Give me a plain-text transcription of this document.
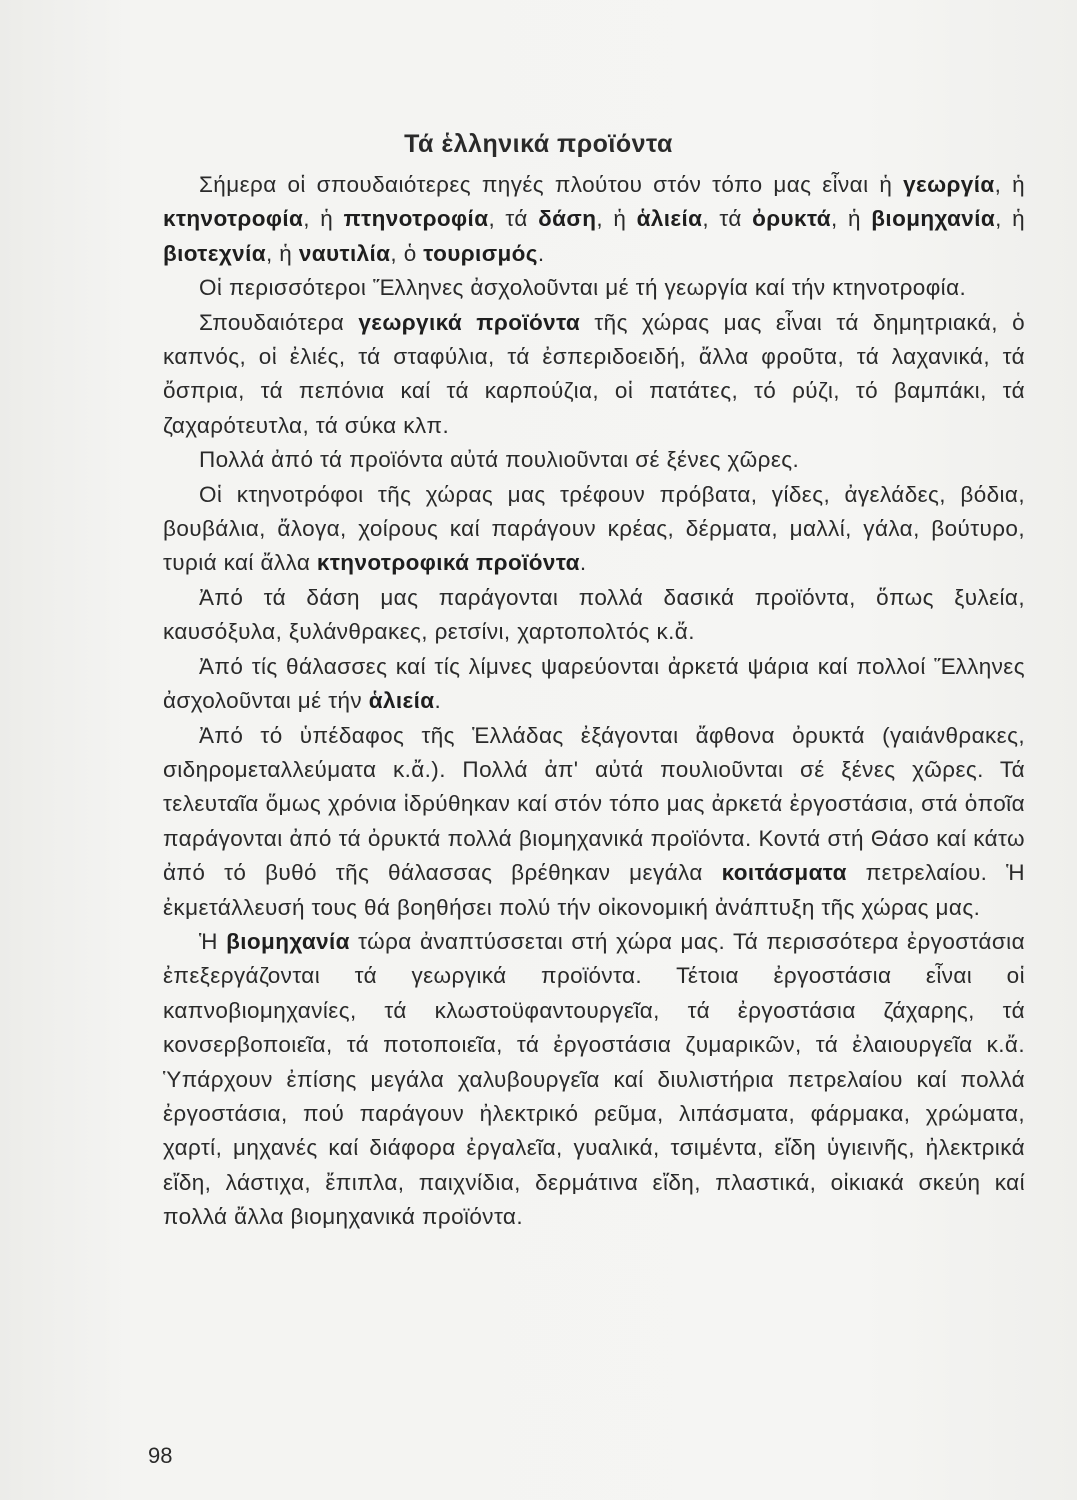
Τά ἑλληνικά προϊόντα

Σήμερα οἱ σπουδαιότερες πηγές πλούτου στόν τόπο μας εἶναι ἡ γεωργία, ἡ κτηνοτροφία, ἡ πτηνοτροφία, τά δάση, ἡ ἁλιεία, τά ὀρυκτά, ἡ βιομηχανία, ἡ βιοτεχνία, ἡ ναυτιλία, ὁ τουρισμός.

Οἱ περισσότεροι Ἕλληνες ἀσχολοῦνται μέ τή γεωργία καί τήν κτηνοτροφία.

Σπουδαιότερα γεωργικά προϊόντα τῆς χώρας μας εἶναι τά δημητριακά, ὁ καπνός, οἱ ἐλιές, τά σταφύλια, τά ἐσπεριδοειδή, ἄλλα φροῦτα, τά λαχανικά, τά ὄσπρια, τά πεπόνια καί τά καρπούζια, οἱ πατάτες, τό ρύζι, τό βαμπάκι, τά ζαχαρότευτλα, τά σύκα κλπ.

Πολλά ἀπό τά προϊόντα αὐτά πουλιοῦνται σέ ξένες χῶρες.

Οἱ κτηνοτρόφοι τῆς χώρας μας τρέφουν πρόβατα, γίδες, ἀγελάδες, βόδια, βουβάλια, ἄλογα, χοίρους καί παράγουν κρέας, δέρματα, μαλλί, γάλα, βούτυρο, τυριά καί ἄλλα κτηνοτροφικά προϊόντα.

Ἀπό τά δάση μας παράγονται πολλά δασικά προϊόντα, ὅπως ξυλεία, καυσόξυλα, ξυλάνθρακες, ρετσίνι, χαρτοπολτός κ.ἄ.

Ἀπό τίς θάλασσες καί τίς λίμνες ψαρεύονται ἀρκετά ψάρια καί πολλοί Ἕλληνες ἀσχολοῦνται μέ τήν ἁλιεία.

Ἀπό τό ὑπέδαφος τῆς Ἑλλάδας ἐξάγονται ἄφθονα ὀρυκτά (γαιάνθρακες, σιδηρομεταλλεύματα κ.ἄ.). Πολλά ἀπ' αὐτά πουλιοῦνται σέ ξένες χῶρες. Τά τελευταῖα ὅμως χρόνια ἱδρύθηκαν καί στόν τόπο μας ἀρκετά ἐργοστάσια, στά ὁποῖα παράγονται ἀπό τά ὀρυκτά πολλά βιομηχανικά προϊόντα. Κοντά στή Θάσο καί κάτω ἀπό τό βυθό τῆς θάλασσας βρέθηκαν μεγάλα κοιτάσματα πετρελαίου. Ἡ ἐκμετάλλευσή τους θά βοηθήσει πολύ τήν οἰκονομική ἀνάπτυξη τῆς χώρας μας.

Ἡ βιομηχανία τώρα ἀναπτύσσεται στή χώρα μας. Τά περισσότερα ἐργοστάσια ἐπεξεργάζονται τά γεωργικά προϊόντα. Τέτοια ἐργοστάσια εἶναι οἱ καπνοβιομηχανίες, τά κλωστοϋφαντουργεῖα, τά ἐργοστάσια ζάχαρης, τά κονσερβοποιεῖα, τά ποτοποιεῖα, τά ἐργοστάσια ζυμαρικῶν, τά ἐλαιουργεῖα κ.ἄ. Ὑπάρχουν ἐπίσης μεγάλα χαλυβουργεῖα καί διυλιστήρια πετρελαίου καί πολλά ἐργοστάσια, πού παράγουν ἠλεκτρικό ρεῦμα, λιπάσματα, φάρμακα, χρώματα, χαρτί, μηχανές καί διάφορα ἐργαλεῖα, γυαλικά, τσιμέντα, εἴδη ὑγιεινῆς, ἠλεκτρικά εἴδη, λάστιχα, ἔπιπλα, παιχνίδια, δερμάτινα εἴδη, πλαστικά, οἰκιακά σκεύη καί πολλά ἄλλα βιομηχανικά προϊόντα.

98
